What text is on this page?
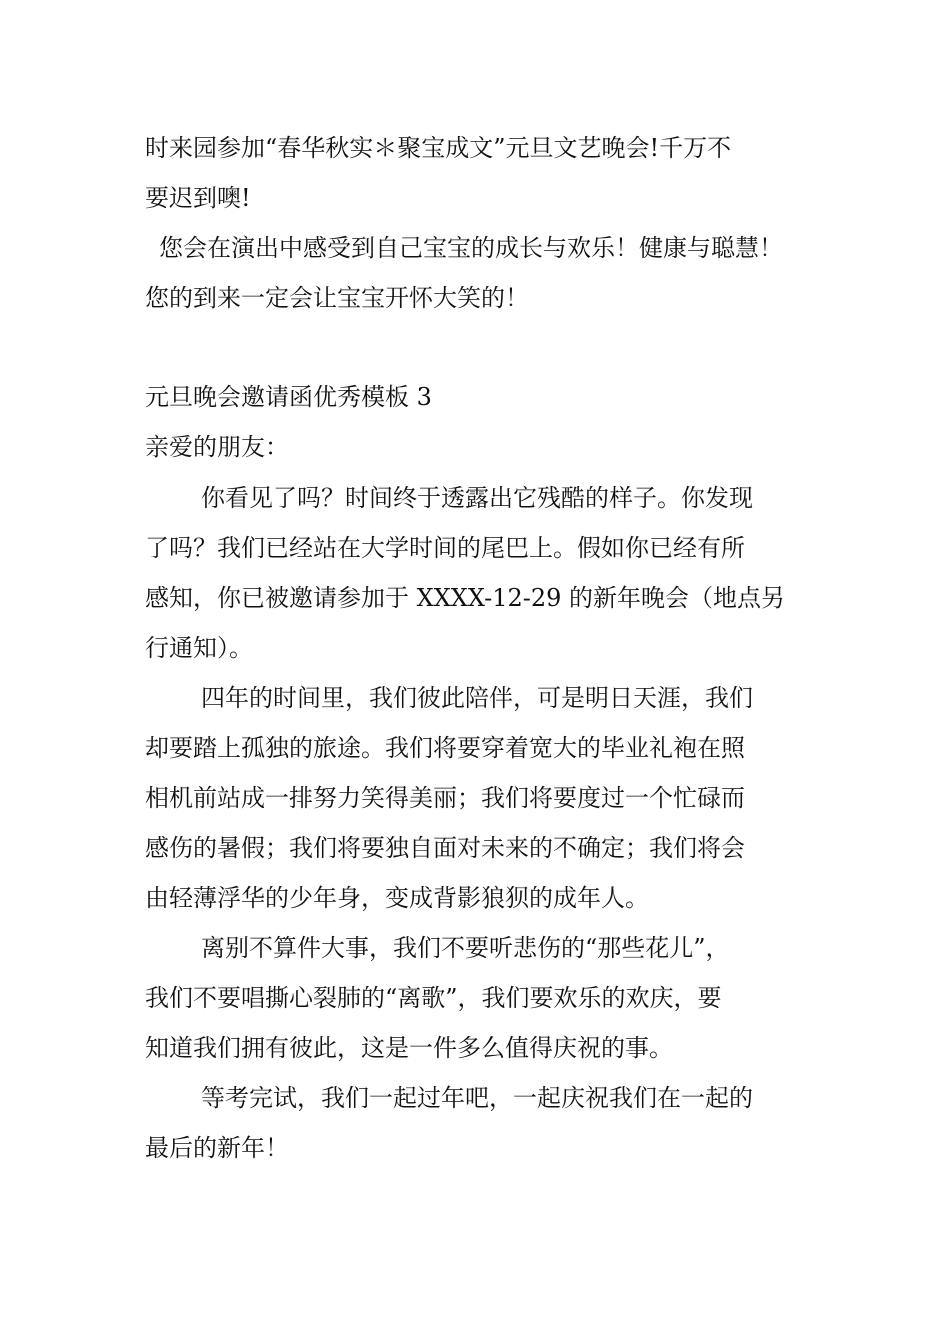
时来园参加“春华秋实＊聚宝成文”元旦文艺晚会!千万不
要迟到噢!
您会在演出中感受到自己宝宝的成长与欢乐！健康与聪慧！
您的到来一定会让宝宝开怀大笑的！
元旦晚会邀请函优秀模板 3
亲爱的朋友：
你看见了吗？时间终于透露出它残酷的样子。你发现
了吗？我们已经站在大学时间的尾巴上。假如你已经有所
感知，你已被邀请参加于 XXXX-12-29 的新年晚会（地点另
行通知）。
四年的时间里，我们彼此陪伴，可是明日天涯，我们
却要踏上孤独的旅途。我们将要穿着宽大的毕业礼袍在照
相机前站成一排努力笑得美丽；我们将要度过一个忙碌而
感伤的暑假；我们将要独自面对未来的不确定；我们将会
由轻薄浮华的少年身，变成背影狼狈的成年人。
离别不算件大事，我们不要听悲伤的“那些花儿”，
我们不要唱撕心裂肺的“离歌”，我们要欢乐的欢庆，要
知道我们拥有彼此，这是一件多么值得庆祝的事。
等考完试，我们一起过年吧，一起庆祝我们在一起的
最后的新年！
